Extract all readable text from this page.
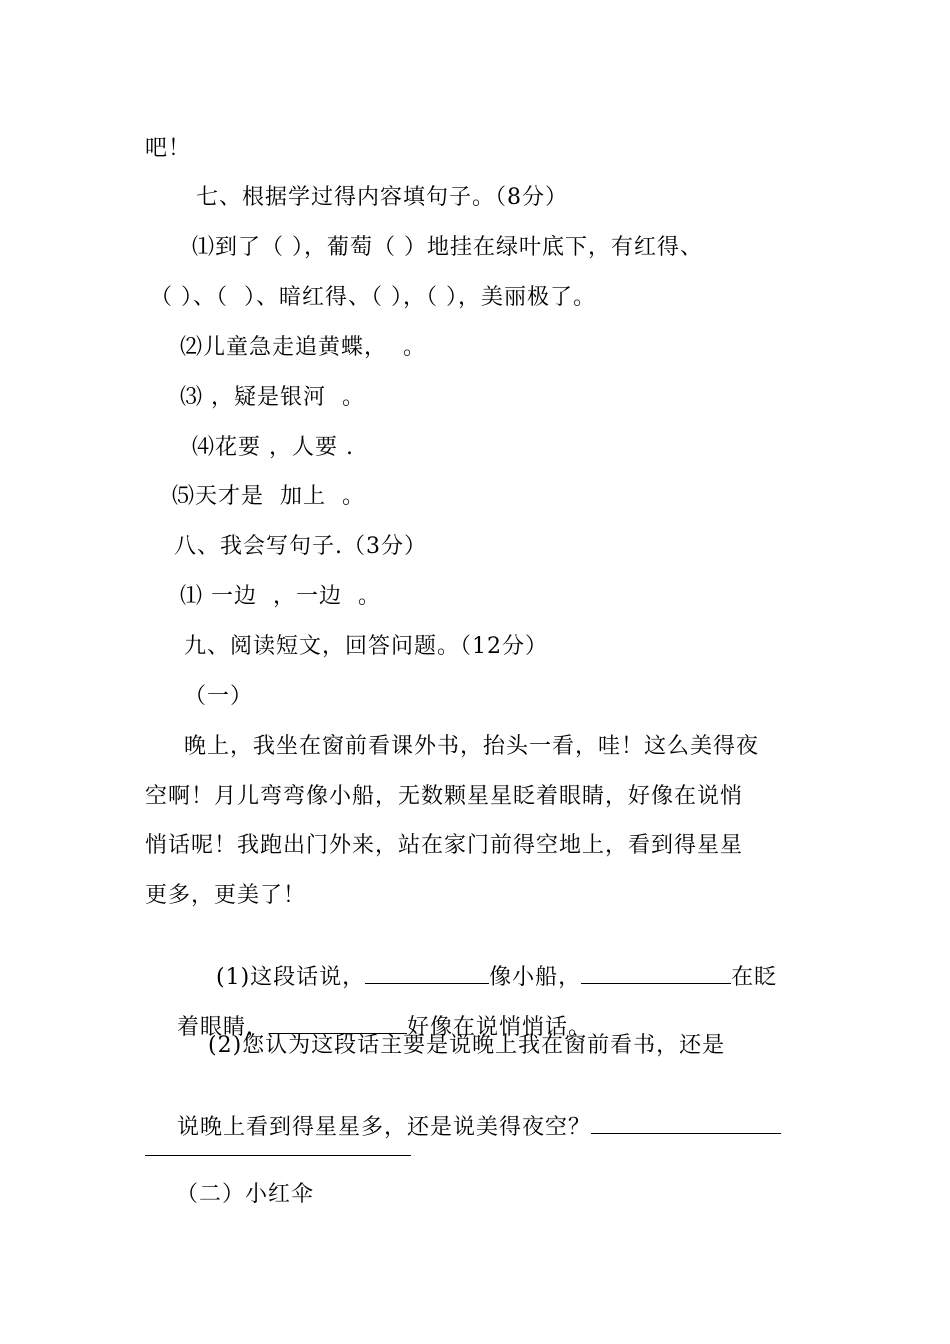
吧！
七、根据学过得内容填句子。（8分）
⑴到了（ ），葡萄（ ）地挂在绿叶底下，有红得、
（ ）、（  ）、暗红得、（ ），（ ），美丽极了。
⑵儿童急走追黄蝶，  。
⑶ ，疑是银河  。
⑷花要 ，人要 .
⑸天才是  加上  。
八、我会写句子.（3分）
⑴ 一边  ，一边  。
九、阅读短文，回答问题。（12分）
（一）
晚上，我坐在窗前看课外书，抬头一看，哇！这么美得夜
空啊！月儿弯弯像小船，无数颗星星眨着眼睛，好像在说悄
悄话呢！我跑出门外来，站在家门前得空地上，看到得星星
更多，更美了！

(1)这段话说，	像小船，	在眨

着眼睛，	好像在说悄悄话。

(2)您认为这段话主要是说晚上我在窗前看书，还是

说晚上看到得星星多，还是说美得夜空？

（二）小红伞
